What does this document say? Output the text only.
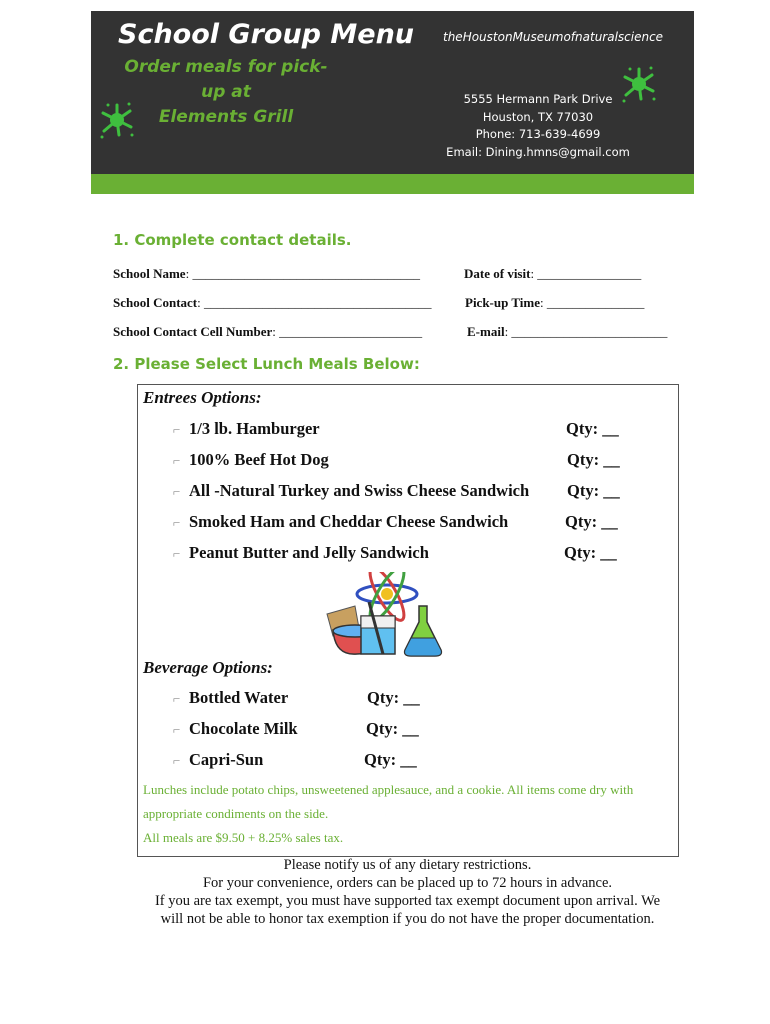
School Group Menu
Order meals for pick-up at
Elements Grill
theHoustonMuseumofnaturalscience
5555 Hermann Park Drive
Houston, TX 77030
Phone: 713-639-4699
Email: Dining.hmns@gmail.com
1. Complete contact details.
School Name: ___________________________________	Date of visit: ________________
School Contact: ___________________________________	Pick-up Time: _______________
School Contact Cell Number: ______________________	E-mail: ________________________
2. Please Select Lunch Meals Below:
Entrees Options:
⌐ 1/3 lb. Hamburger	Qty: __
⌐ 100% Beef Hot Dog	Qty: __
⌐ All -Natural Turkey and Swiss Cheese Sandwich Qty: __
⌐ Smoked Ham and Cheddar Cheese Sandwich	Qty: __
⌐ Peanut Butter and Jelly Sandwich	Qty: __
Beverage Options:
⌐ Bottled Water	Qty: __
⌐ Chocolate Milk	Qty: __
⌐ Capri-Sun	Qty: __
Lunches include potato chips, unsweetened applesauce, and a cookie. All items come dry with
appropriate condiments on the side.
All meals are $9.50 + 8.25% sales tax.
Please notify us of any dietary restrictions.
For your convenience, orders can be placed up to 72 hours in advance.
If you are tax exempt, you must have supported tax exempt document upon arrival. We
will not be able to honor tax exemption if you do not have the proper documentation.
